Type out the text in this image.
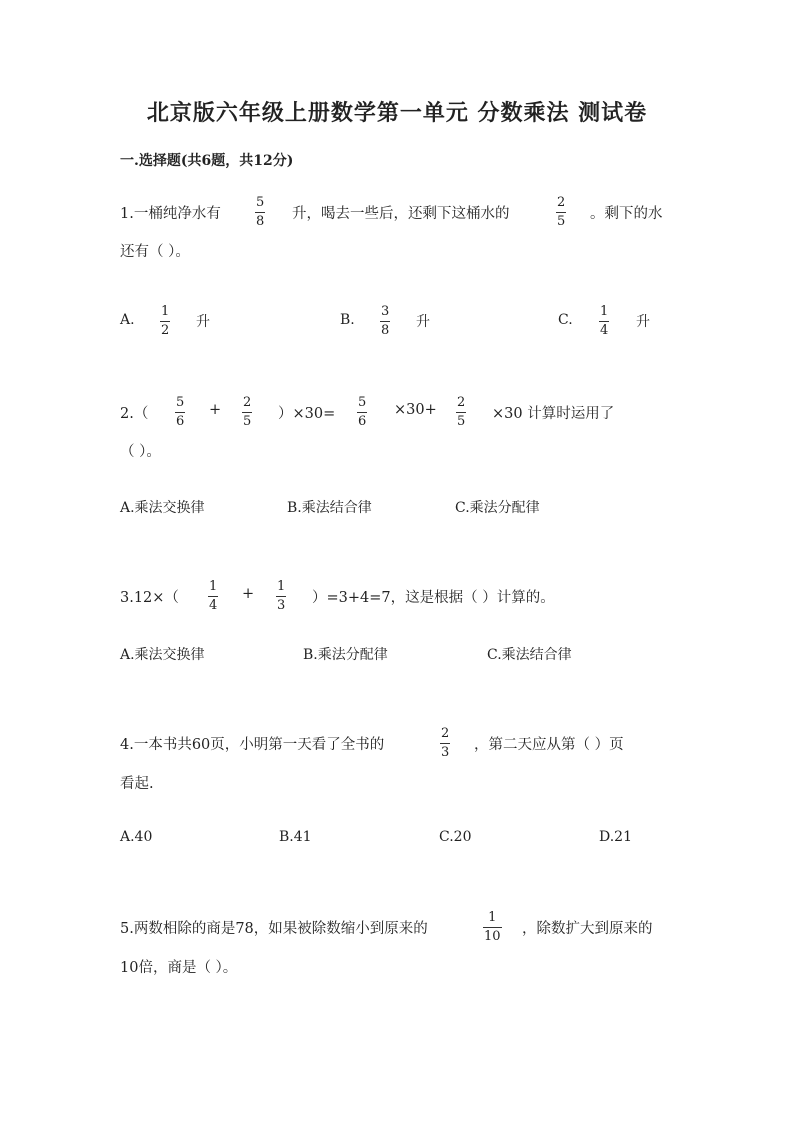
北京版六年级上册数学第一单元 分数乘法 测试卷
一.选择题(共6题，共12分)
1.一桶纯净水有
5
8 升，喝去一些后，还剩下这桶水的
2
5 。剩下的水
还有（ ）。
A.
1
2
升	B.
3
8
升	C.
1
4
升
2.（
5
6
+ 2
5 ）×30=
5
6
×30+ 2
5 ×30 计算时运用了
（ ）。
A.乘法交换律	B.乘法结合律	C.乘法分配律
3.12×（
1
4
+ 1
3 ）=3+4=7，这是根据（ ）计算的。
A.乘法交换律	B.乘法分配律	C.乘法结合律
4.一本书共60页，小明第一天看了全书的
2
3 ，第二天应从第（ ）页
看起.
A.40	B.41	C.20	D.21
5.两数相除的商是78，如果被除数缩小到原来的
1
10 ，除数扩大到原来的
10倍，商是（ ）。
